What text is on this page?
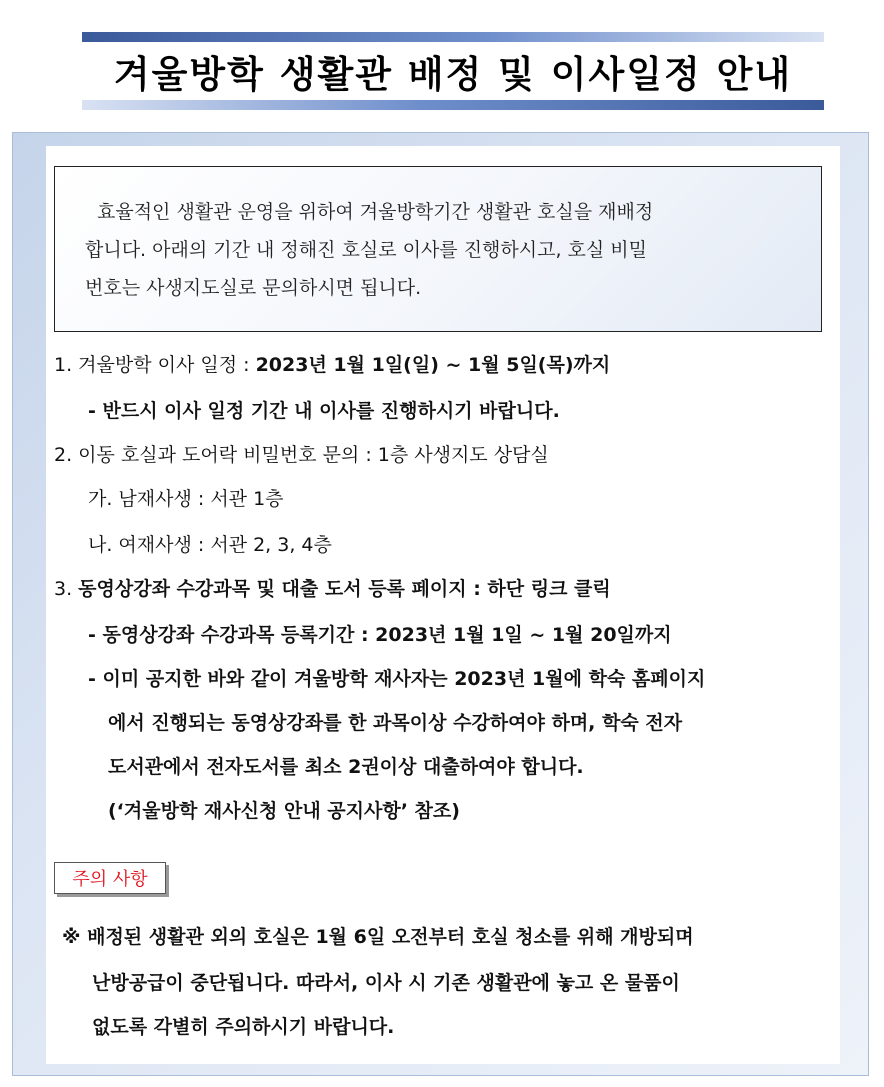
겨울방학 생활관 배정 및 이사일정 안내
효율적인 생활관 운영을 위하여 겨울방학기간 생활관 호실을 재배정
합니다. 아래의 기간 내 정해진 호실로 이사를 진행하시고, 호실 비밀
번호는 사생지도실로 문의하시면 됩니다.
1. 겨울방학 이사 일정 : 2023년 1월 1일(일) ~ 1월 5일(목)까지
- 반드시 이사 일정 기간 내 이사를 진행하시기 바랍니다.
2. 이동 호실과 도어락 비밀번호 문의 : 1층 사생지도 상담실
가. 남재사생 : 서관 1층
나. 여재사생 : 서관 2, 3, 4층
3. 동영상강좌 수강과목 및 대출 도서 등록 페이지 : 하단 링크 클릭
- 동영상강좌 수강과목 등록기간 : 2023년 1월 1일 ~ 1월 20일까지
- 이미 공지한 바와 같이 겨울방학 재사자는 2023년 1월에 학숙 홈페이지
에서 진행되는 동영상강좌를 한 과목이상 수강하여야 하며, 학숙 전자
도서관에서 전자도서를 최소 2권이상 대출하여야 합니다.
(‘겨울방학 재사신청 안내 공지사항’ 참조)
주의 사항
※ 배정된 생활관 외의 호실은 1월 6일 오전부터 호실 청소를 위해 개방되며
난방공급이 중단됩니다. 따라서, 이사 시 기존 생활관에 놓고 온 물품이
없도록 각별히 주의하시기 바랍니다.
